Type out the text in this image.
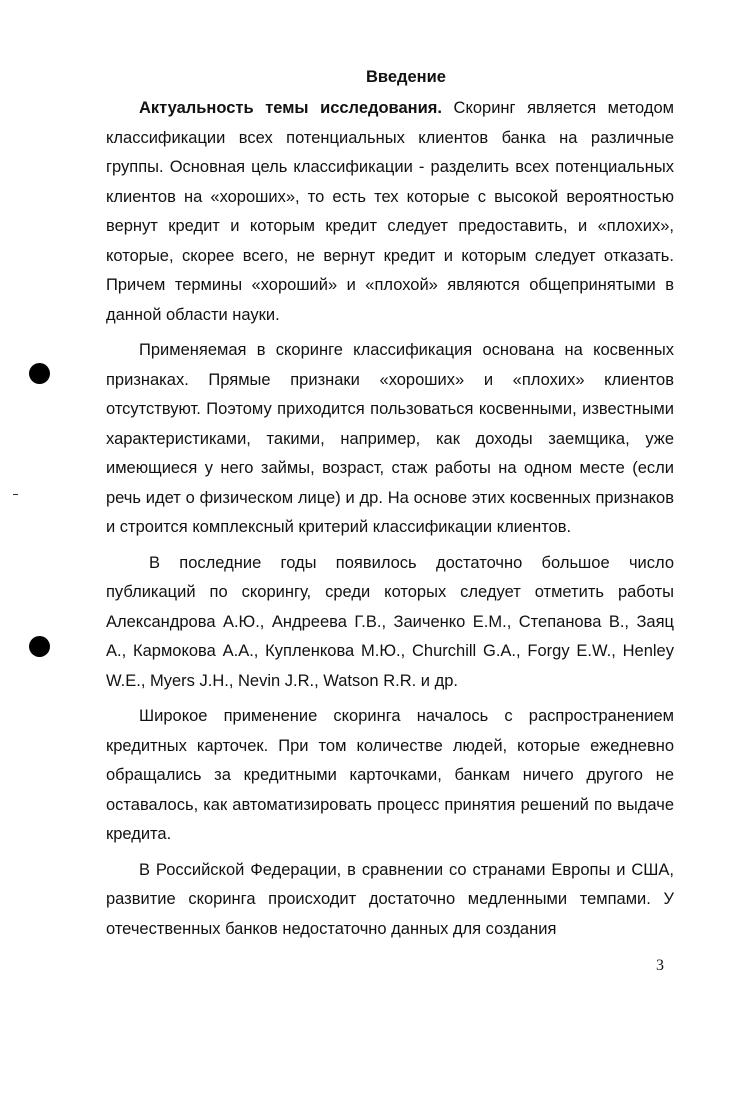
Введение

Актуальность темы исследования. Скоринг является методом классификации всех потенциальных клиентов банка на различные группы. Основная цель классификации - разделить всех потенциальных клиентов на «хороших», то есть тех которые с высокой вероятностью вернут кредит и которым кредит следует предоставить, и «плохих», которые, скорее всего, не вернут кредит и которым следует отказать. Причем термины «хороший» и «плохой» являются общепринятыми в данной области науки.

Применяемая в скоринге классификация основана на косвенных признаках. Прямые признаки «хороших» и «плохих» клиентов отсутствуют. Поэтому приходится пользоваться косвенными, известными характеристиками, такими, например, как доходы заемщика, уже имеющиеся у него займы, возраст, стаж работы на одном месте (если речь идет о физическом лице) и др. На основе этих косвенных признаков и строится комплексный критерий классификации клиентов.

В последние годы появилось достаточно большое число публикаций по скорингу, среди которых следует отметить работы Александрова А.Ю., Андреева Г.В., Заиченко Е.М., Степанова В., Заяц А., Кармокова А.А., Купленкова М.Ю., Churchill G.A., Forgy E.W., Henley W.E., Myers J.H., Nevin J.R., Watson R.R. и др.

Широкое применение скоринга началось с распространением кредитных карточек. При том количестве людей, которые ежедневно обращались за кредитными карточками, банкам ничего другого не оставалось, как автоматизировать процесс принятия решений по выдаче кредита.

В Российской Федерации, в сравнении со странами Европы и США, развитие скоринга происходит достаточно медленными темпами. У отечественных банков недостаточно данных для создания

3
